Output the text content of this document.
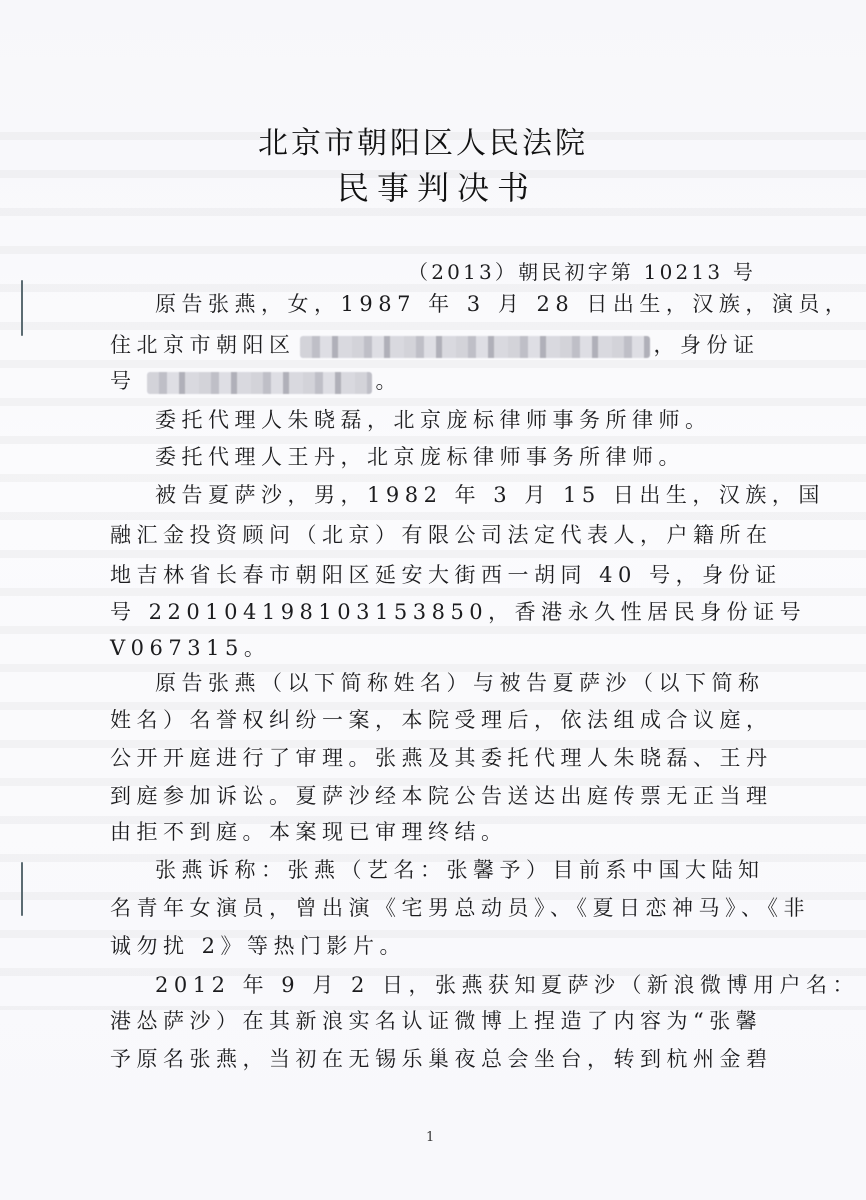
北京市朝阳区人民法院
民事判决书
（2013）朝民初字第 10213 号
原告张燕，女，1987 年 3 月 28 日出生，汉族，演员，
住北京市朝阳区	，身份证
号	。
委托代理人朱晓磊，北京庞标律师事务所律师。
委托代理人王丹，北京庞标律师事务所律师。
被告夏萨沙，男，1982 年 3 月 15 日出生，汉族，国
融汇金投资顾问（北京）有限公司法定代表人，户籍所在
地吉林省长春市朝阳区延安大街西一胡同 40 号，身份证
号 220104198103153850，香港永久性居民身份证号
V067315。
原告张燕（以下简称姓名）与被告夏萨沙（以下简称
姓名）名誉权纠纷一案，本院受理后，依法组成合议庭，
公开开庭进行了审理。张燕及其委托代理人朱晓磊、王丹
到庭参加诉讼。夏萨沙经本院公告送达出庭传票无正当理
由拒不到庭。本案现已审理终结。
张燕诉称：张燕（艺名：张馨予）目前系中国大陆知
名青年女演员，曾出演《宅男总动员》、《夏日恋神马》、《非
诚勿扰 2》等热门影片。
2012 年 9 月 2 日，张燕获知夏萨沙（新浪微博用户名：
港怂萨沙）在其新浪实名认证微博上捏造了内容为“张馨
予原名张燕，当初在无锡乐巢夜总会坐台，转到杭州金碧
1
